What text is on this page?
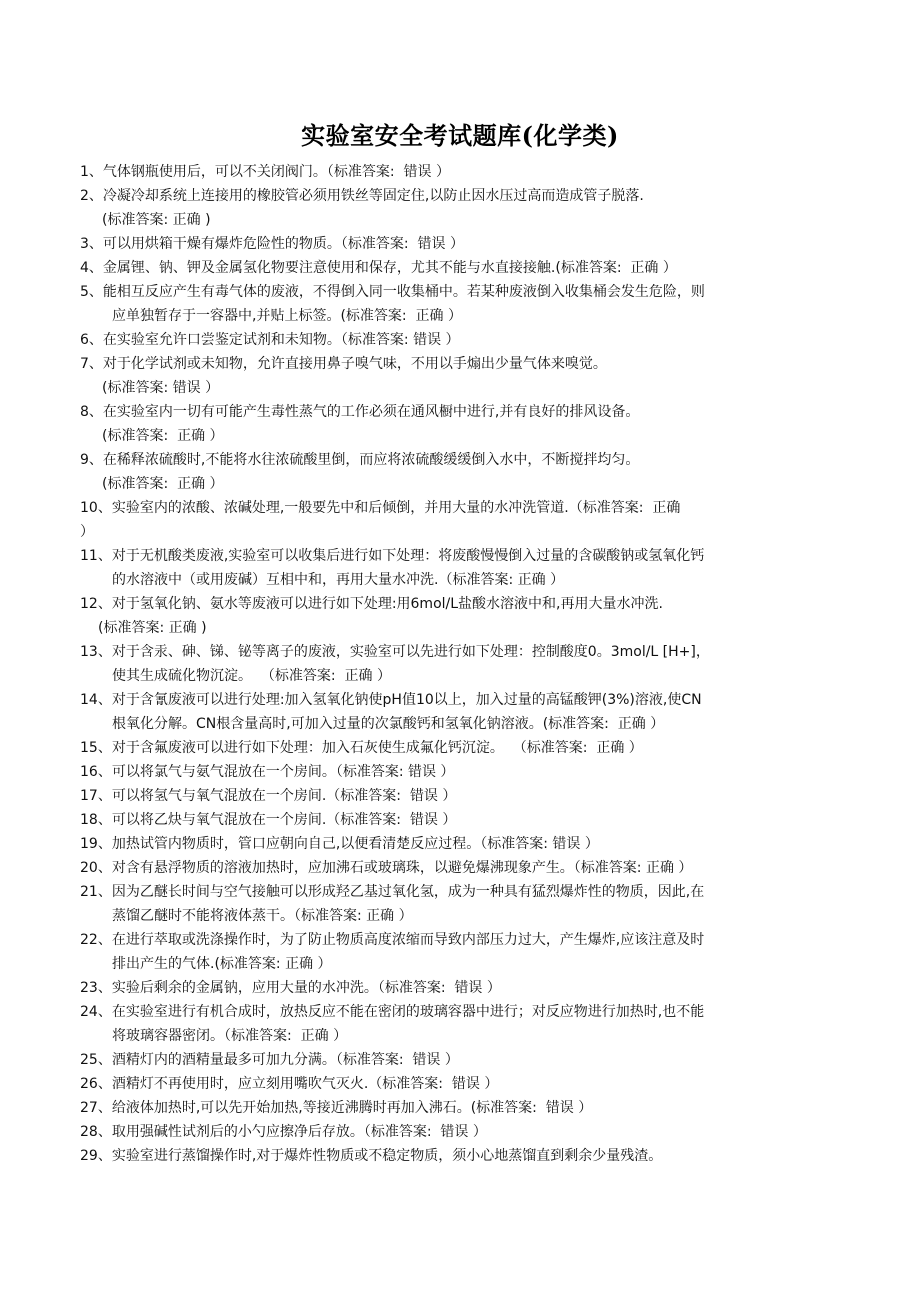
实验室安全考试题库(化学类)
1、气体钢瓶使用后，可以不关闭阀门。（标准答案:  错误 ）
2、冷凝冷却系统上连接用的橡胶管必须用铁丝等固定住,以防止因水压过高而造成管子脱落.
(标准答案: 正确 )
3、可以用烘箱干燥有爆炸危险性的物质。（标准答案:  错误 ）
4、金属锂、钠、钾及金属氢化物要注意使用和保存，尤其不能与水直接接触.(标准答案:  正确 ）
5、能相互反应产生有毒气体的废液，不得倒入同一收集桶中。若某种废液倒入收集桶会发生危险，则
应单独暂存于一容器中,并贴上标签。(标准答案:  正确 ）
6、在实验室允许口尝鉴定试剂和未知物。（标准答案: 错误 ）
7、对于化学试剂或未知物，允许直接用鼻子嗅气味，不用以手煽出少量气体来嗅觉。
(标准答案: 错误 ）
8、在实验室内一切有可能产生毒性蒸气的工作必须在通风橱中进行,并有良好的排风设备。
(标准答案:  正确 ）
9、在稀释浓硫酸时,不能将水往浓硫酸里倒，而应将浓硫酸缓缓倒入水中，不断搅拌均匀。
(标准答案:  正确 ）
10、实验室内的浓酸、浓碱处理,一般要先中和后倾倒，并用大量的水冲洗管道.（标准答案:  正确
）
11、对于无机酸类废液,实验室可以收集后进行如下处理：将废酸慢慢倒入过量的含碳酸钠或氢氧化钙
的水溶液中（或用废碱）互相中和，再用大量水冲洗.（标准答案: 正确 ）
12、对于氢氧化钠、氨水等废液可以进行如下处理:用6mol/L盐酸水溶液中和,再用大量水冲洗.
(标准答案: 正确 )
13、对于含汞、砷、锑、铋等离子的废液，实验室可以先进行如下处理：控制酸度0。3mol/L [H+]，
使其生成硫化物沉淀。  （标准答案:  正确 ）
14、对于含氰废液可以进行处理:加入氢氧化钠使pH值10以上，加入过量的高锰酸钾(3%)溶液,使CN
根氧化分解。CN根含量高时,可加入过量的次氯酸钙和氢氧化钠溶液。(标准答案:  正确 ）
15、对于含氟废液可以进行如下处理：加入石灰使生成氟化钙沉淀。  （标准答案:  正确 ）
16、可以将氯气与氨气混放在一个房间。（标准答案: 错误 ）
17、可以将氢气与氧气混放在一个房间.（标准答案:  错误 ）
18、可以将乙炔与氧气混放在一个房间.（标准答案:  错误 ）
19、加热试管内物质时，管口应朝向自己,以便看清楚反应过程。（标准答案: 错误 ）
20、对含有悬浮物质的溶液加热时，应加沸石或玻璃珠，以避免爆沸现象产生。（标准答案: 正确 ）
21、因为乙醚长时间与空气接触可以形成羟乙基过氧化氢，成为一种具有猛烈爆炸性的物质，因此,在
蒸馏乙醚时不能将液体蒸干。（标准答案: 正确 ）
22、在进行萃取或洗涤操作时，为了防止物质高度浓缩而导致内部压力过大，产生爆炸,应该注意及时
排出产生的气体.(标准答案: 正确 ）
23、实验后剩余的金属钠，应用大量的水冲洗。（标准答案:  错误 ）
24、在实验室进行有机合成时，放热反应不能在密闭的玻璃容器中进行；对反应物进行加热时,也不能
将玻璃容器密闭。（标准答案:  正确 ）
25、酒精灯内的酒精量最多可加九分满。（标准答案:  错误 ）
26、酒精灯不再使用时，应立刻用嘴吹气灭火.（标准答案:  错误 ）
27、给液体加热时,可以先开始加热,等接近沸腾时再加入沸石。(标准答案:  错误 ）
28、取用强碱性试剂后的小勺应擦净后存放。（标准答案:  错误 ）
29、实验室进行蒸馏操作时,对于爆炸性物质或不稳定物质，须小心地蒸馏直到剩余少量残渣。
